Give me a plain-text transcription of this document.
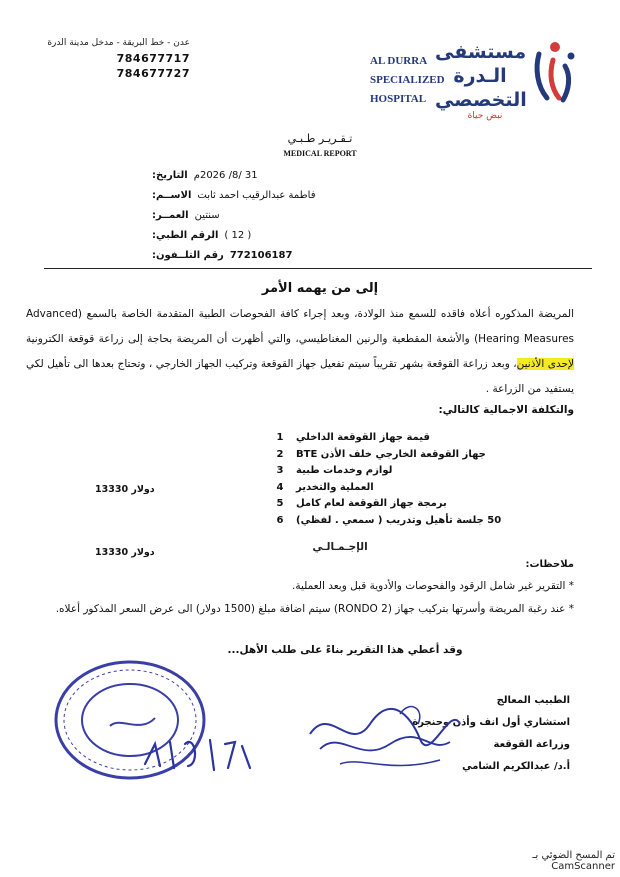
عدن - خط البريقة - مدخل مدينة الدرة
784677717
784677727
AL DURRA
SPECIALIZED
HOSPITAL
مستشفى
الـدرة
التخصصي
نبض حياة
تـقـريـر طـبـي
MEDICAL REPORT
التاريخ: 31 /8/ 2026م
الاســم: فاطمة عبدالرقيب احمد ثابت
العمــر: سنتين
الرقم الطبي: ( 12 )
رقم التلــفون: 772106187
إلى من يهمه الأمر
المريضة المذكوره أعلاه فاقده للسمع منذ الولادة، وبعد إجراء كافة الفحوصات الطبية المتقدمة الخاصة بالسمع (Advanced Hearing Measures) والأشعة المقطعية والرنين المغناطيسي، والتي أظهرت أن المريضة بحاجة إلى زراعة قوقعة الكترونية لإحدى الأذنين، وبعد زراعة القوقعة بشهر تقريباً سيتم تفعيل جهاز القوقعة وتركيب الجهاز الخارجي ، وتحتاج بعدها الى تأهيل لكي يستفيد من الزراعة .
والتكلفة الاجمالية كالتالي:
1 قيمة جهاز القوقعة الداخلي
2 جهاز القوقعة الخارجي خلف الأذن BTE
3 لوازم وخدمات طبية
4 العملية والتخدير
5 برمجة جهاز القوقعة لعام كامل
6 50 جلسة تأهيل وتدريب ( سمعي . لفظي)
13330 دولار
الإجـمـالـي
13330 دولار
ملاحظات:
* التقرير غير شامل الرقود والفحوصات والأدوية قبل وبعد العملية.
* عند رغبة المريضة وأسرتها بتركيب جهاز (RONDO 2) سيتم اضافة مبلغ (1500 دولار) الى عرض السعر المذكور أعلاه.
وقد أعطي هذا التقرير بناءً على طلب الأهل...
الطبيب المعالج
استشاري أول انف وأذن وحنجرة
وزراعة القوقعة
أ.د/ عبدالكريم الشامي
تم المسح الضوئي بـ CamScanner
